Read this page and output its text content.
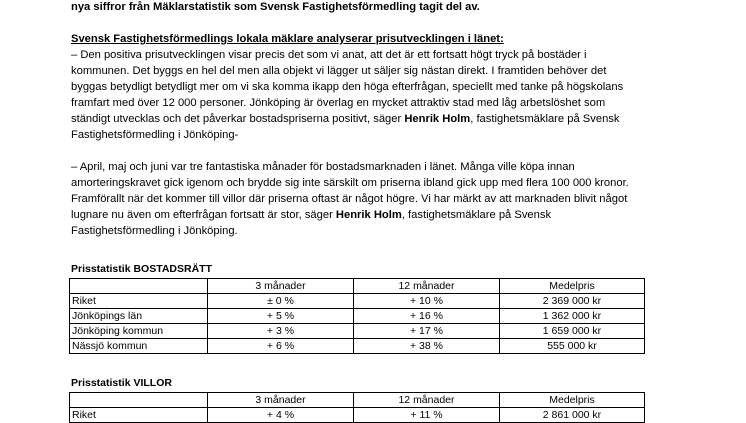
nya siffror från Mäklarstatistik som Svensk Fastighetsförmedling tagit del av.
Svensk Fastighetsförmedlings lokala mäklare analyserar prisutvecklingen i länet:
– Den positiva prisutvecklingen visar precis det som vi anat, att det är ett fortsatt högt tryck på bostäder i
kommunen. Det byggs en hel del men alla objekt vi lägger ut säljer sig nästan direkt. I framtiden behöver det
byggas betydligt betydligt mer om vi ska komma ikapp den höga efterfrågan, speciellt med tanke på högskolans
framfart med över 12 000 personer. Jönköping är överlag en mycket attraktiv stad med låg arbetslöshet som
ständigt utvecklas och det påverkar bostadspriserna positivt, säger Henrik Holm, fastighetsmäklare på Svensk
Fastighetsförmedling i Jönköping-
– April, maj och juni var tre fantastiska månader för bostadsmarknaden i länet. Många ville köpa innan
amorteringskravet gick igenom och brydde sig inte särskilt om priserna ibland gick upp med flera 100 000 kronor.
Framförallt när det kommer till villor där priserna oftast är något högre. Vi har märkt av att marknaden blivit något
lugnare nu även om efterfrågan fortsatt är stor, säger Henrik Holm, fastighetsmäklare på Svensk
Fastighetsförmedling i Jönköping.
Prisstatistik BOSTADSRÄTT
	3 månader	12 månader	Medelpris
Riket	± 0 %	+ 10 %	2 369 000 kr
Jönköpings län	+ 5 %	+ 16 %	1 362 000 kr
Jönköping kommun	+ 3 %	+ 17 %	1 659 000 kr
Nässjö kommun	+ 6 %	+ 38 %	555 000 kr
Prisstatistik VILLOR
	3 månader	12 månader	Medelpris
Riket	+ 4 %	+ 11 %	2 861 000 kr
